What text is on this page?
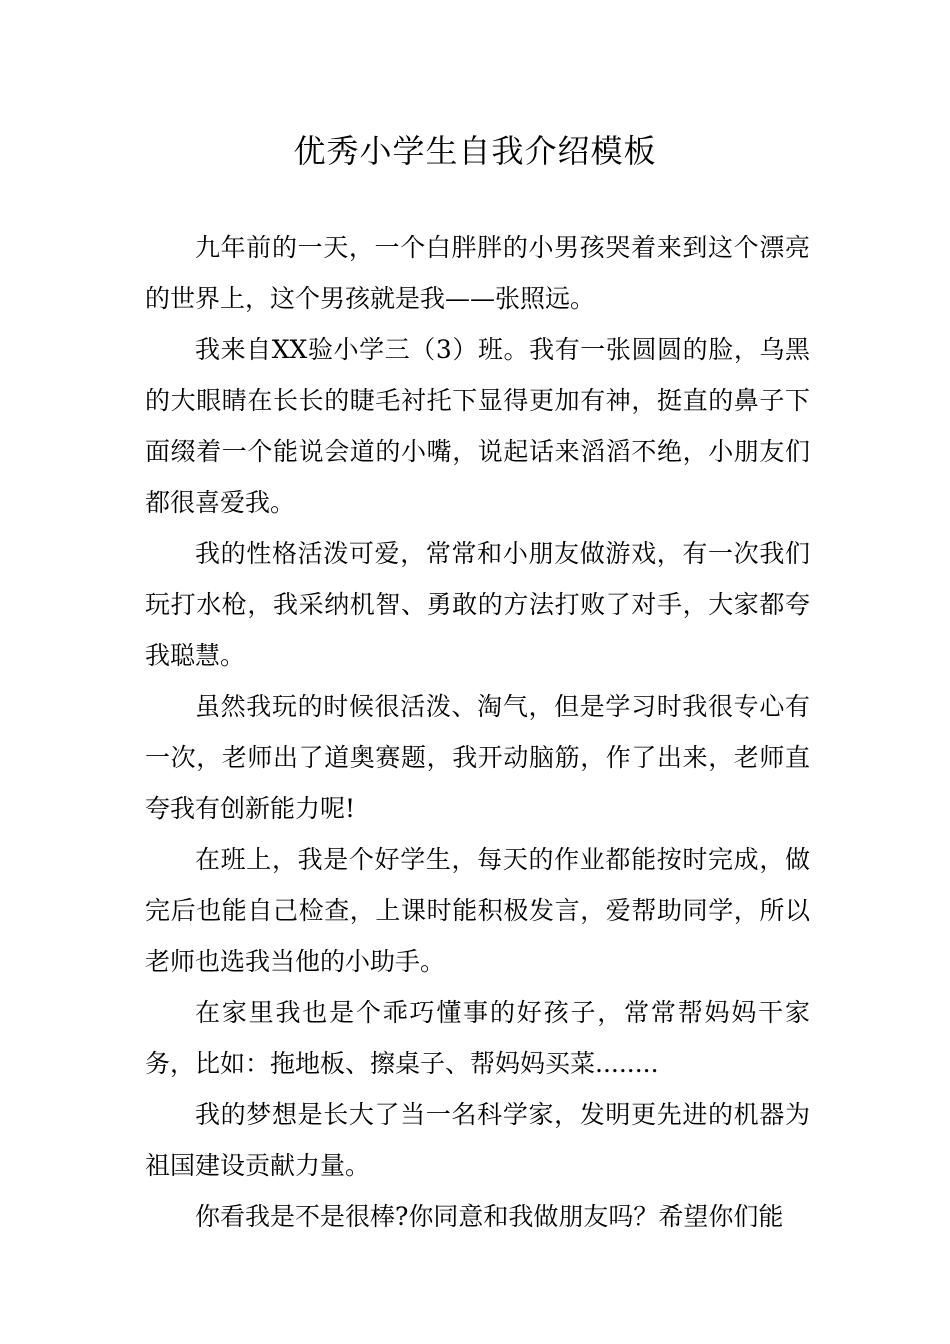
优秀小学生自我介绍模板

九年前的一天，一个白胖胖的小男孩哭着来到这个漂亮的世界上，这个男孩就是我——张照远。

我来自XX验小学三（3）班。我有一张圆圆的脸，乌黑的大眼睛在长长的睫毛衬托下显得更加有神，挺直的鼻子下面缀着一个能说会道的小嘴，说起话来滔滔不绝，小朋友们都很喜爱我。

我的性格活泼可爱，常常和小朋友做游戏，有一次我们玩打水枪，我采纳机智、勇敢的方法打败了对手，大家都夸我聪慧。

虽然我玩的时候很活泼、淘气，但是学习时我很专心有一次，老师出了道奥赛题，我开动脑筋，作了出来，老师直夸我有创新能力呢!

在班上，我是个好学生，每天的作业都能按时完成，做完后也能自己检查，上课时能积极发言，爱帮助同学，所以老师也选我当他的小助手。

在家里我也是个乖巧懂事的好孩子，常常帮妈妈干家务，比如：拖地板、擦桌子、帮妈妈买菜........

我的梦想是长大了当一名科学家，发明更先进的机器为祖国建设贡献力量。

你看我是不是很棒?你同意和我做朋友吗？希望你们能
